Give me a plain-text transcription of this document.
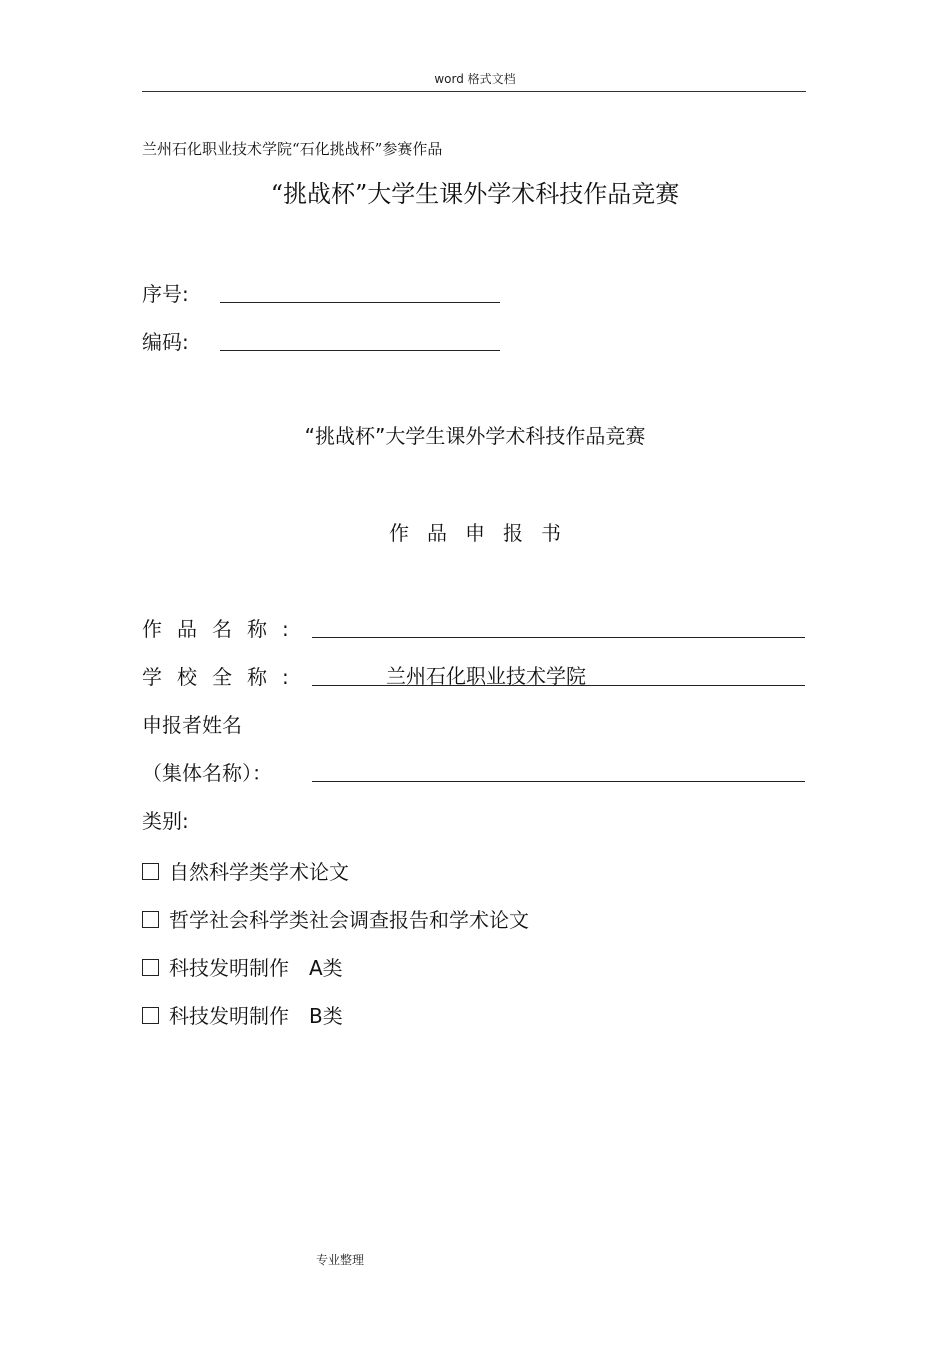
word 格式文档
兰州石化职业技术学院“石化挑战杯”参赛作品
“挑战杯”大学生课外学术科技作品竞赛
序号:
编码:
“挑战杯”大学生课外学术科技作品竞赛
作品申报书
作品名称:
学校全称:	兰州石化职业技术学院
申报者姓名
（集体名称）：
类别:
自然科学类学术论文
哲学社会科学类社会调查报告和学术论文
科技发明制作　A类
科技发明制作　B类
专业整理
